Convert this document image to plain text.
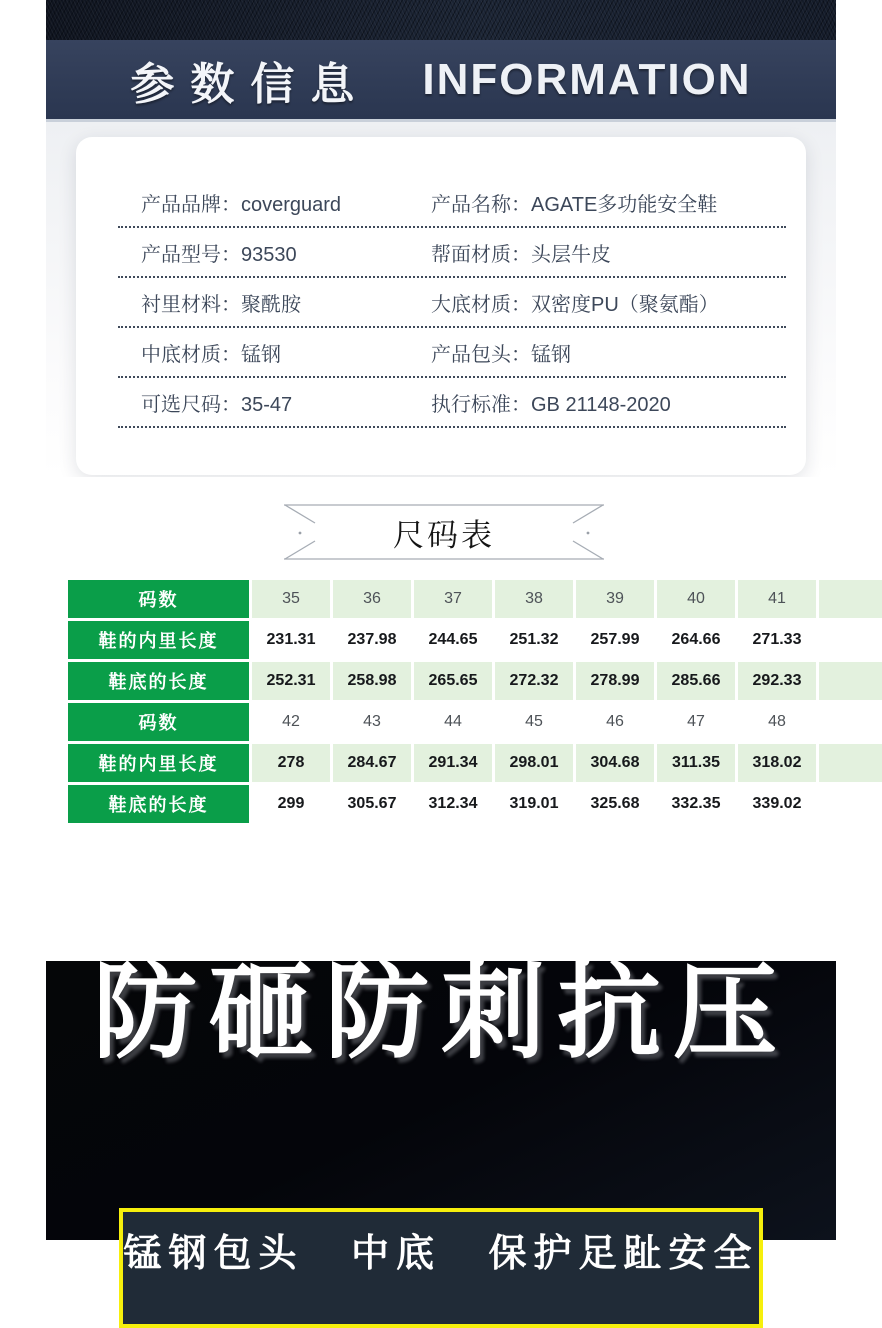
参数信息 INFORMATION
产品品牌：coverguard	产品名称：AGATE多功能安全鞋
产品型号：93530	帮面材质：头层牛皮
衬里材料：聚酰胺	大底材质：双密度PU（聚氨酯）
中底材质：锰钢	产品包头：锰钢
可选尺码：35-47	执行标准：GB 21148-2020
尺码表
码数	35	36	37	38	39	40	41
鞋的内里长度	231.31	237.98	244.65	251.32	257.99	264.66	271.33
鞋底的长度	252.31	258.98	265.65	272.32	278.99	285.66	292.33
码数	42	43	44	45	46	47	48
鞋的内里长度	278	284.67	291.34	298.01	304.68	311.35	318.02
鞋底的长度	299	305.67	312.34	319.01	325.68	332.35	339.02
防砸防刺抗压
锰钢包头 中底 保护足趾安全
